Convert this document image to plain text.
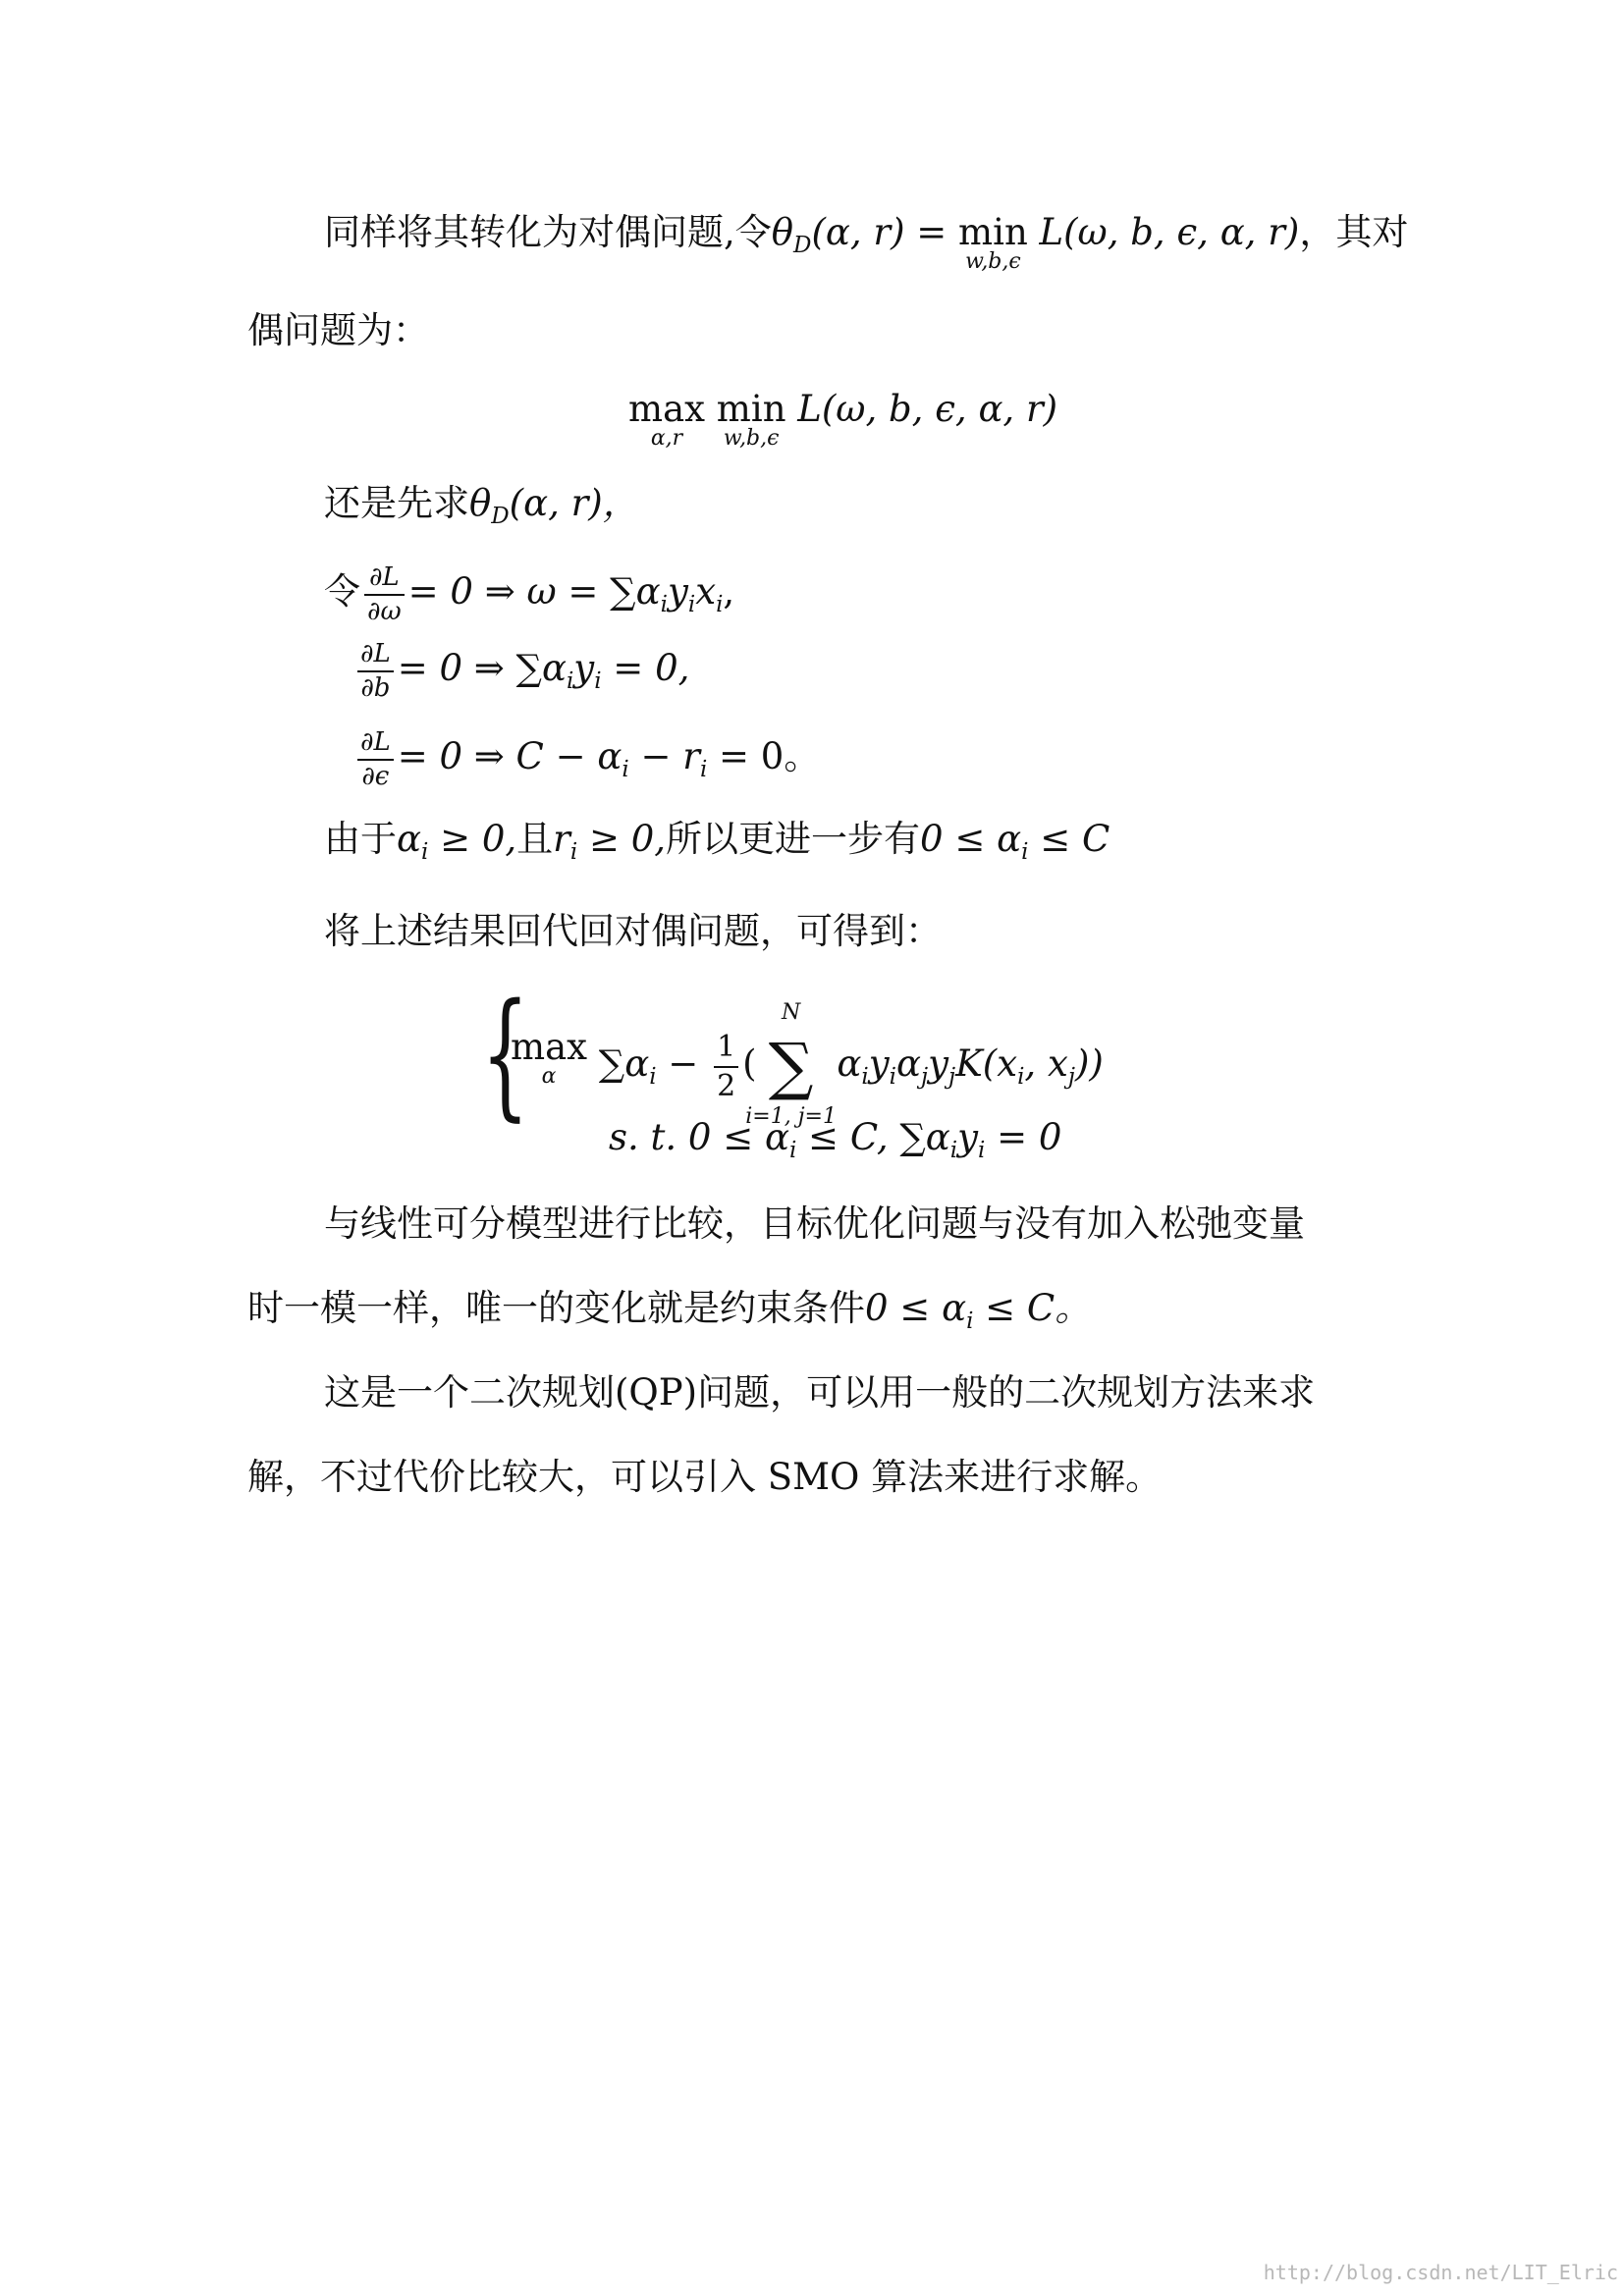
同样将其转化为对偶问题,令$\theta_D(\alpha$, r) = min
w,b,ϵ
L(ω, b, ϵ, α, r)，其对
偶问题为：
max
α,r
min
w,b,ϵ
L(ω, b, ϵ, α, r)
还是先求$\theta_D(\alpha$, r)，
令 $\frac{\partial L}{\partial\omega} = 0$ ⇒ $\omega = \sum\alpha_iy_ix_i$,
$\frac{\partial L}{\partial b} = 0$ ⇒ $\sum\alpha_iy_i = 0$,
$\frac{\partial L}{\partial\epsilon} = 0$ ⇒ $C - \alpha_i - r_i = 0$。
由于$\alpha_i \ge 0$,且$r_i \ge 0$,所以更进一步有$0 \le \alpha_i \le C$
将上述结果回代回对偶问题，可得到：
{
max
α $\sum\alpha_i - \frac{1}{2}$ ( ∑
N
i=1, j=1
$\alpha_iy_i\alpha_jy_jK(x_i$, $x_j$))
s. t. $0 \le \alpha_i \le C$, $\sum\alpha_iy_i = 0$
与线性可分模型进行比较，目标优化问题与没有加入松弛变量
时一模一样，唯一的变化就是约束条件$0 \le \alpha_i \le C$。
这是一个二次规划(QP)问题，可以用一般的二次规划方法来求
解，不过代价比较大，可以引入 SMO 算法来进行求解。
http://blog.csdn.net/LIT_Elric
